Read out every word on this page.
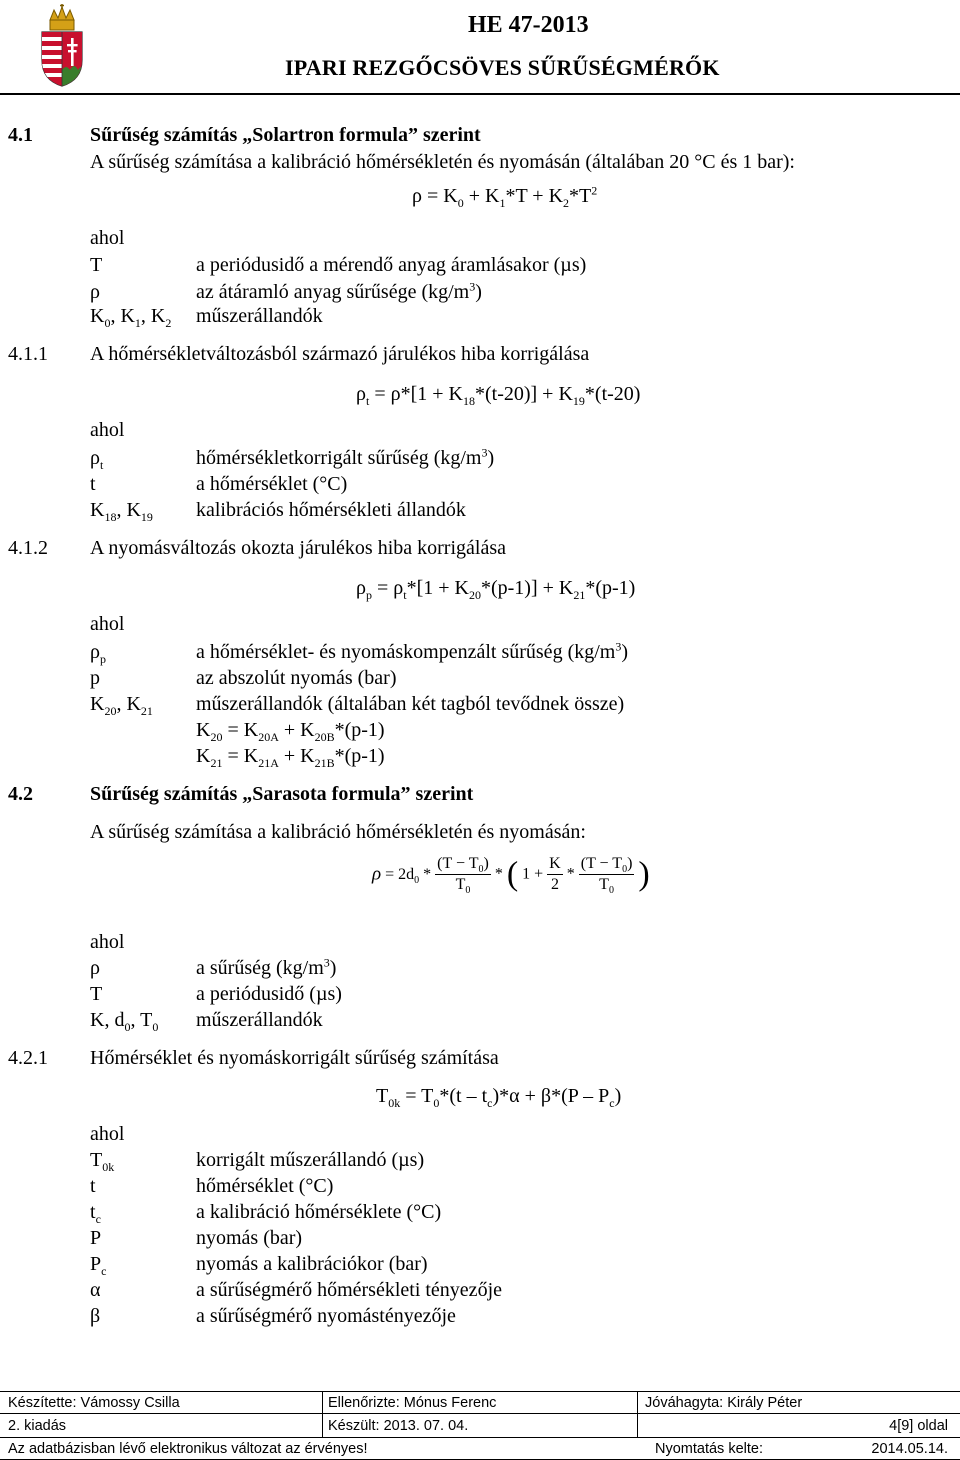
HE 47-2013
IPARI REZGŐCSÖVES SŰRŰSÉGMÉRŐK
4.1	Sűrűség számítás „Solartron formula” szerint
A sűrűség számítása a kalibráció hőmérsékletén és nyomásán (általában 20 °C és 1 bar):
$\rho = K_0 + K_1*T + K_2*T^2$
ahol
T	a periódusidő a mérendő anyag áramlásakor (µs)
ρ	az átáramló anyag sűrűsége $(kg/m^3)$
$K_0$, $K_1$, $K_2$ műszerállandók
4.1.1 A hőmérsékletváltozásból származó járulékos hiba korrigálása
$\rho_t = \rho*[1 + K_{18}*(t-20)] + K_{19}*(t-20)$
ahol
$\rho_t$	hőmérsékletkorrigált sűrűség $(kg/m^3)$
t	a hőmérséklet (°C)
$K_{18}$, $K_{19}$ kalibrációs hőmérsékleti állandók
4.1.2 A nyomásváltozás okozta járulékos hiba korrigálása
$\rho_p = \rho_t*[1 + K_{20}*(p-1)] + K_{21}*(p-1)$
ahol
$\rho_p$	a hőmérséklet- és nyomáskompenzált sűrűség $(kg/m^3)$
p	az abszolút nyomás (bar)
$K_{20}$, $K_{21}$ műszerállandók (általában két tagból tevődnek össze)
$K_{20} = K_{20A} + K_{20B}*(p-1)$
$K_{21} = K_{21A} + K_{21B}*(p-1)$
4.2	Sűrűség számítás „Sarasota formula” szerint
A sűrűség számítása a kalibráció hőmérsékletén és nyomásán:
$\rho = 2d_0 * \frac{(T - T_0)}{T_0}$ * ( $1 + \frac{K}{2} * \frac{(T - T_0)}{T_0}$ )
ahol
ρ	a sűrűség $(kg/m^3)$
T	a periódusidő (µs)
K, $d_0$, $T_0$ műszerállandók
4.2.1 Hőmérséklet és nyomáskorrigált sűrűség számítása
$T_{0k} = T_0*(t - t_c)*\alpha + \beta*(P - P_c)$
ahol
$T_{0k}$	korrigált műszerállandó (µs)
t	hőmérséklet (°C)
$t_c$	a kalibráció hőmérséklete (°C)
P	nyomás (bar)
$P_c$	nyomás a kalibrációkor (bar)
α	a sűrűségmérő hőmérsékleti tényezője
β	a sűrűségmérő nyomástényezője
Készítette: Vámossy Csilla	Ellenőrizte: Mónus Ferenc	Jóváhagyta: Király Péter
2. kiadás	Készült: 2013. 07. 04.	4[9] oldal
Az adatbázisban lévő elektronikus változat az érvényes!	Nyomtatás kelte:	2014.05.14.
